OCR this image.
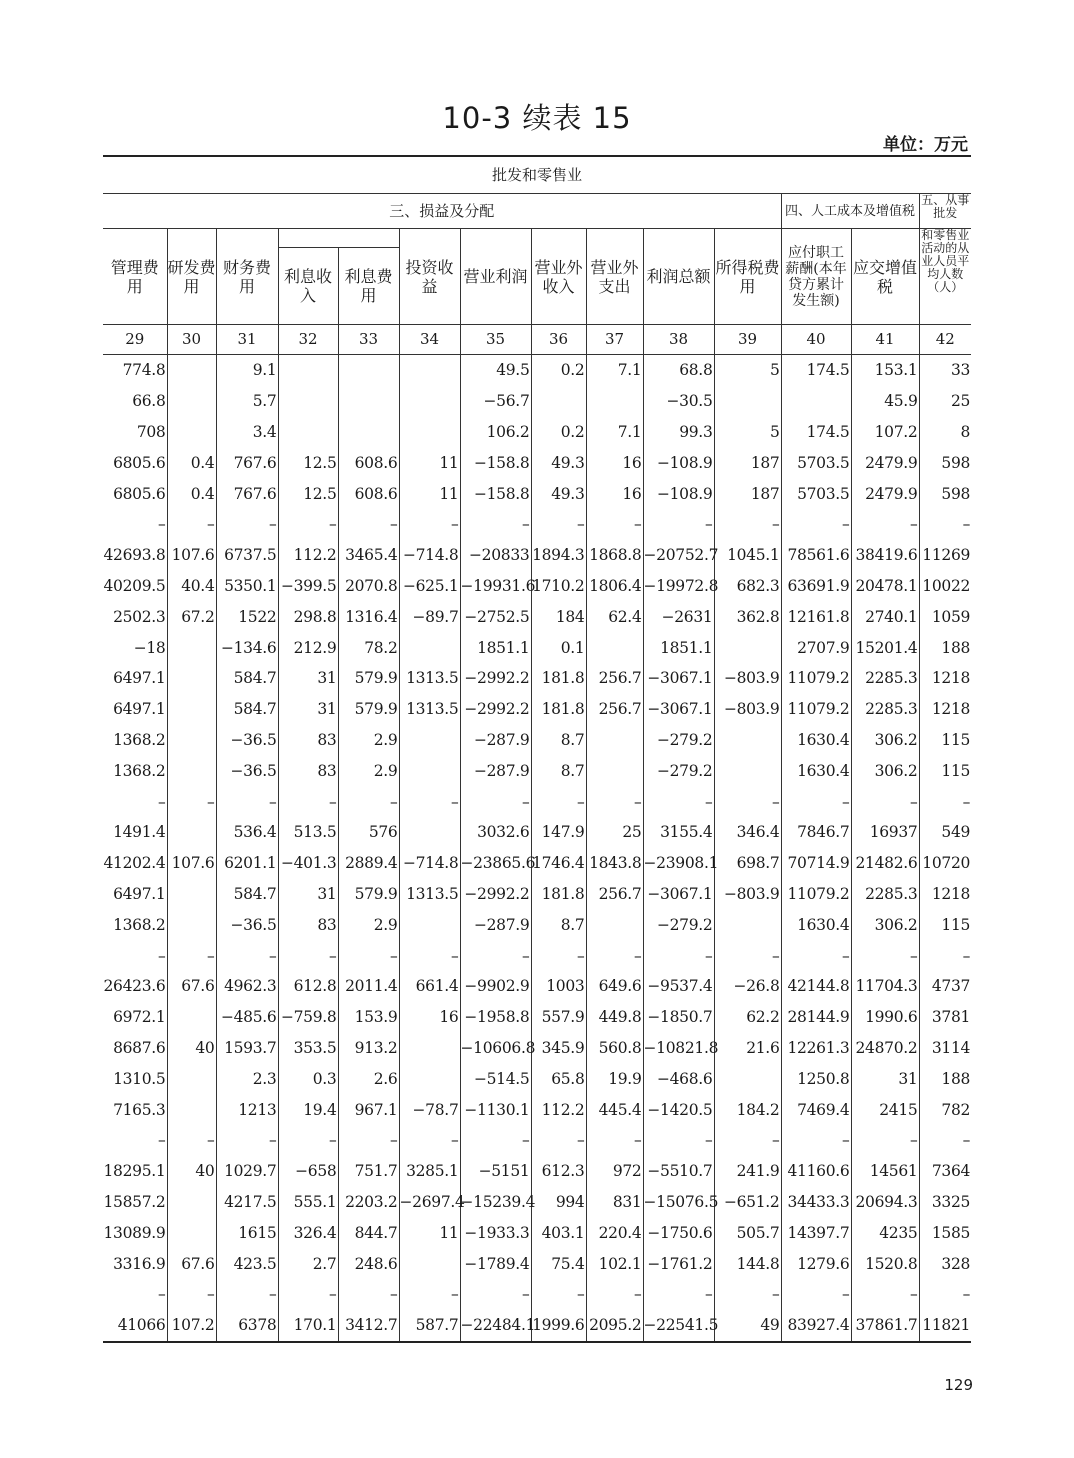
10-3 续表 15
单位：万元
批发和零售业													
三、损益及分配											四、人工成本及增值税		五、从事批发
管理费用	研发费用	财务费用			投资收益	营业利润	营业外收入	营业外支出	利润总额	所得税费用	应付职工薪酬(本年贷方累计发生额)	应交增值税	和零售业活动的从业人员平均人数（人）
			利息收入	利息费用									
29	30	31	32	33	34	35	36	37	38	39	40	41	42
774.8		9.1				49.5	0.2	7.1	68.8	5	174.5	153.1	33
66.8		5.7				−56.7			−30.5			45.9	25
708		3.4				106.2	0.2	7.1	99.3	5	174.5	107.2	8
6805.6	0.4	767.6	12.5	608.6	11	−158.8	49.3	16	−108.9	187	5703.5	2479.9	598
6805.6	0.4	767.6	12.5	608.6	11	−158.8	49.3	16	−108.9	187	5703.5	2479.9	598
–	–	–	–	–	–	–	–	–	–	–	–	–	–
42693.8	107.6	6737.5	112.2	3465.4	−714.8	−20833	1894.3	1868.8	−20752.7	1045.1	78561.6	38419.6	11269
40209.5	40.4	5350.1	−399.5	2070.8	−625.1	−19931.6	1710.2	1806.4	−19972.8	682.3	63691.9	20478.1	10022
2502.3	67.2	1522	298.8	1316.4	−89.7	−2752.5	184	62.4	−2631	362.8	12161.8	2740.1	1059
−18		−134.6	212.9	78.2		1851.1	0.1		1851.1		2707.9	15201.4	188
6497.1		584.7	31	579.9	1313.5	−2992.2	181.8	256.7	−3067.1	−803.9	11079.2	2285.3	1218
6497.1		584.7	31	579.9	1313.5	−2992.2	181.8	256.7	−3067.1	−803.9	11079.2	2285.3	1218
1368.2		−36.5	83	2.9		−287.9	8.7		−279.2		1630.4	306.2	115
1368.2		−36.5	83	2.9		−287.9	8.7		−279.2		1630.4	306.2	115
–	–	–	–	–	–	–	–	–	–	–	–	–	–
1491.4		536.4	513.5	576		3032.6	147.9	25	3155.4	346.4	7846.7	16937	549
41202.4	107.6	6201.1	−401.3	2889.4	−714.8	−23865.6	1746.4	1843.8	−23908.1	698.7	70714.9	21482.6	10720
6497.1		584.7	31	579.9	1313.5	−2992.2	181.8	256.7	−3067.1	−803.9	11079.2	2285.3	1218
1368.2		−36.5	83	2.9		−287.9	8.7		−279.2		1630.4	306.2	115
–	–	–	–	–	–	–	–	–	–	–	–	–	–
26423.6	67.6	4962.3	612.8	2011.4	661.4	−9902.9	1003	649.6	−9537.4	−26.8	42144.8	11704.3	4737
6972.1		−485.6	−759.8	153.9	16	−1958.8	557.9	449.8	−1850.7	62.2	28144.9	1990.6	3781
8687.6	40	1593.7	353.5	913.2		−10606.8	345.9	560.8	−10821.8	21.6	12261.3	24870.2	3114
1310.5		2.3	0.3	2.6		−514.5	65.8	19.9	−468.6		1250.8	31	188
7165.3		1213	19.4	967.1	−78.7	−1130.1	112.2	445.4	−1420.5	184.2	7469.4	2415	782
–	–	–	–	–	–	–	–	–	–	–	–	–	–
18295.1	40	1029.7	−658	751.7	3285.1	−5151	612.3	972	−5510.7	241.9	41160.6	14561	7364
15857.2		4217.5	555.1	2203.2	−2697.4	−15239.4	994	831	−15076.5	−651.2	34433.3	20694.3	3325
13089.9		1615	326.4	844.7	11	−1933.3	403.1	220.4	−1750.6	505.7	14397.7	4235	1585
3316.9	67.6	423.5	2.7	248.6		−1789.4	75.4	102.1	−1761.2	144.8	1279.6	1520.8	328
–	–	–	–	–	–	–	–	–	–	–	–	–	–
41066	107.2	6378	170.1	3412.7	587.7	−22484.1	1999.6	2095.2	−22541.5	49	83927.4	37861.7	11821
129
